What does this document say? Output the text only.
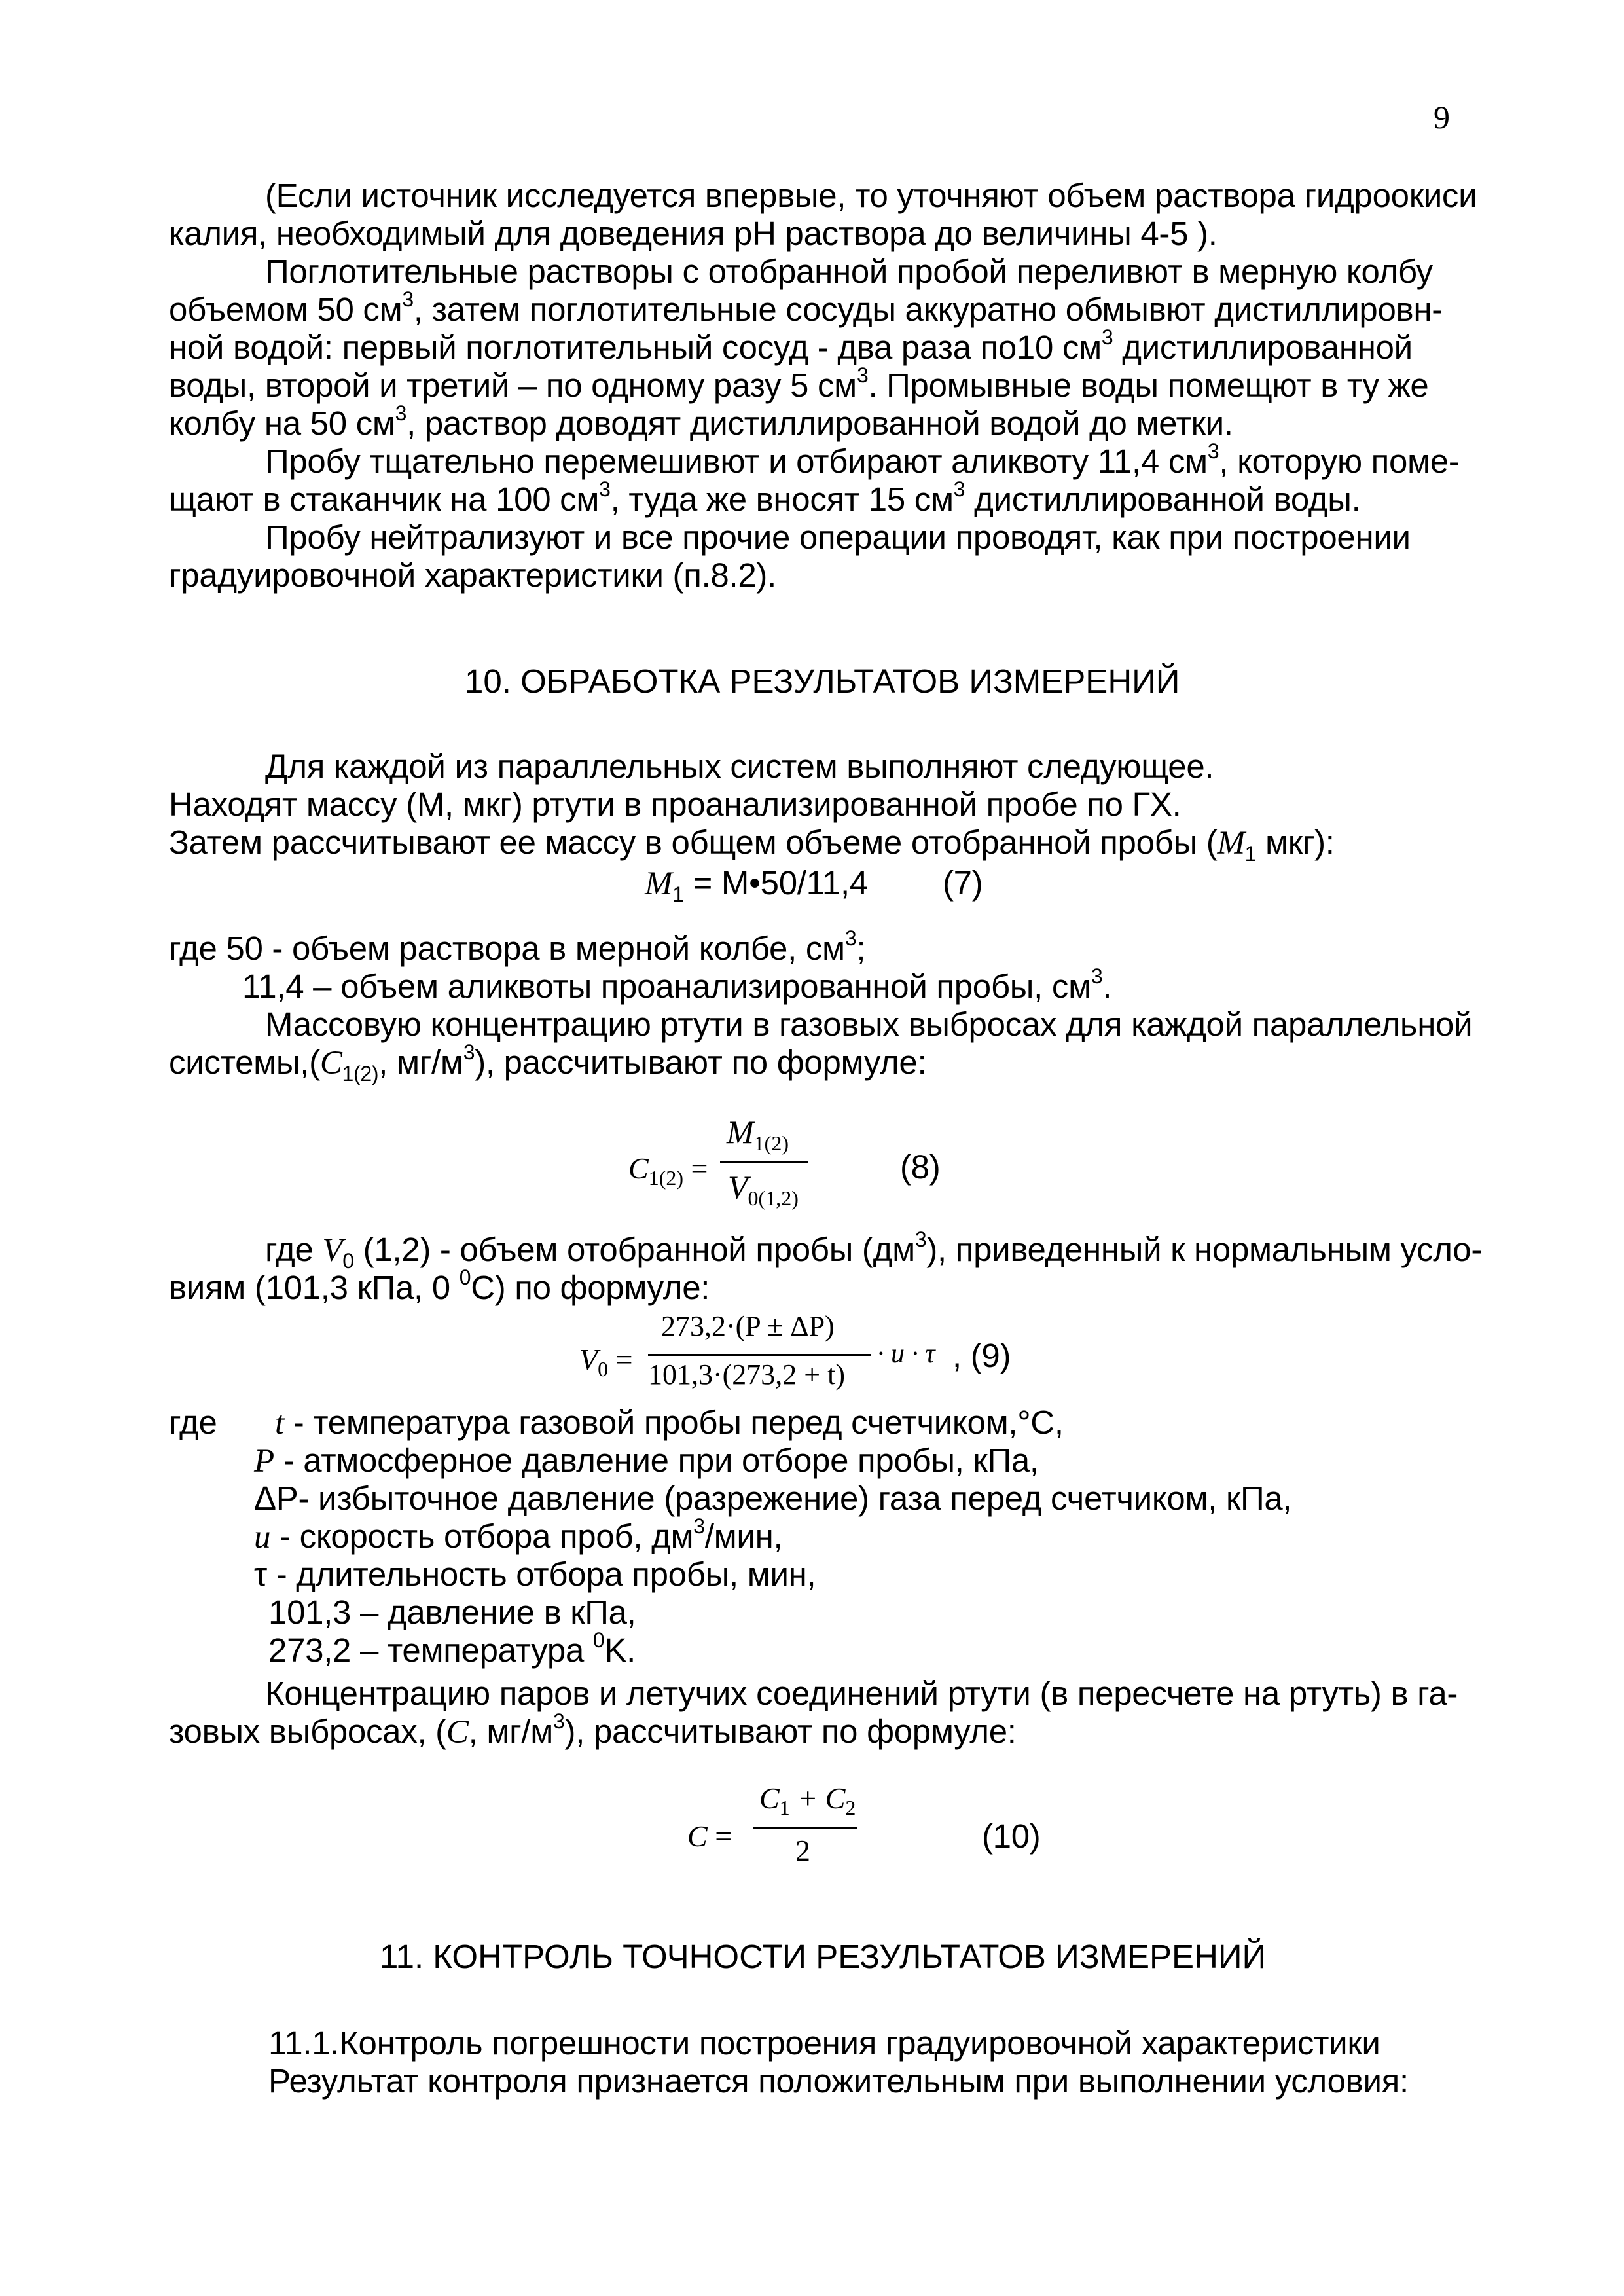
9
(Если источник исследуется впервые, то уточняют объем раствора гидроокиси
калия, необходимый для доведения pH раствора до величины 4-5 ).
Поглотительные растворы с отобранной пробой переливют в мерную колбу
объемом 50 $см^3$, затем поглотительные сосуды аккуратно обмывют дистиллировн-
ной водой: первый поглотительный сосуд - два раза по10 $см^3$ дистиллированной
воды, второй и третий – по одному разу 5 $см^3$. Промывные воды помещют в ту же
колбу на 50 $см^3$, раствор доводят дистиллированной водой до метки.
Пробу тщательно перемешивют и отбирают аликвоту 11,4 $см^3$, которую поме-
щают в стаканчик на 100 $см^3$, туда же вносят 15 $см^3$ дистиллированной воды.
Пробу нейтрализуют и все прочие операции проводят, как при построении
градуировочной характеристики (п.8.2).
10. ОБРАБОТКА РЕЗУЛЬТАТОВ ИЗМЕРЕНИЙ
Для каждой из параллельных систем выполняют следующее.
Находят массу (М, мкг) ртути в проанализированной пробе по ГХ.
Затем рассчитывают ее массу в общем объеме отобранной пробы ($M_1$ мкг):
$M_1$ = M•50/11,4 (7)
где 50 - объем раствора в мерной колбе, $см^3$;
11,4 – объем аликвоты проанализированной пробы, $см^3$.
Массовую концентрацию ртути в газовых выбросах для каждой параллельной
$системы,(C_{1(2)}$, $мг/м^3$), рассчитывают по формуле:
$C_{1(2)}$ =
$M_{1(2)}$
$V_{0(1,2)}$
(8)
где $V_0$ (1,2) - объем отобранной пробы $(дм^3)$, приведенный к нормальным усло-
виям (101,3 кПа, 0 $^0$С) по формуле:
$V_0$ =
273,2·(P ± ΔP)
101,3·(273,2 + t)
· u · τ , (9)
где t - температура газовой пробы перед счетчиком,°С,
P - атмосферное давление при отборе пробы, кПа,
ΔP- избыточное давление (разрежение) газа перед счетчиком, кПа,
u - скорость отбора проб, $дм^3$/мин,
τ - длительность отбора пробы, мин,
101,3 – давление в кПа,
273,2 – температура $^0$K.
Концентрацию паров и летучих соединений ртути (в пересчете на ртуть) в га-
зовых выбросах, (C, $мг/м^3$), рассчитывают по формуле:
C =
$C_1 + C_2$
2	(10)
11. КОНТРОЛЬ ТОЧНОСТИ РЕЗУЛЬТАТОВ ИЗМЕРЕНИЙ
11.1.Контроль погрешности построения градуировочной характеристики
Результат контроля признается положительным при выполнении условия:
